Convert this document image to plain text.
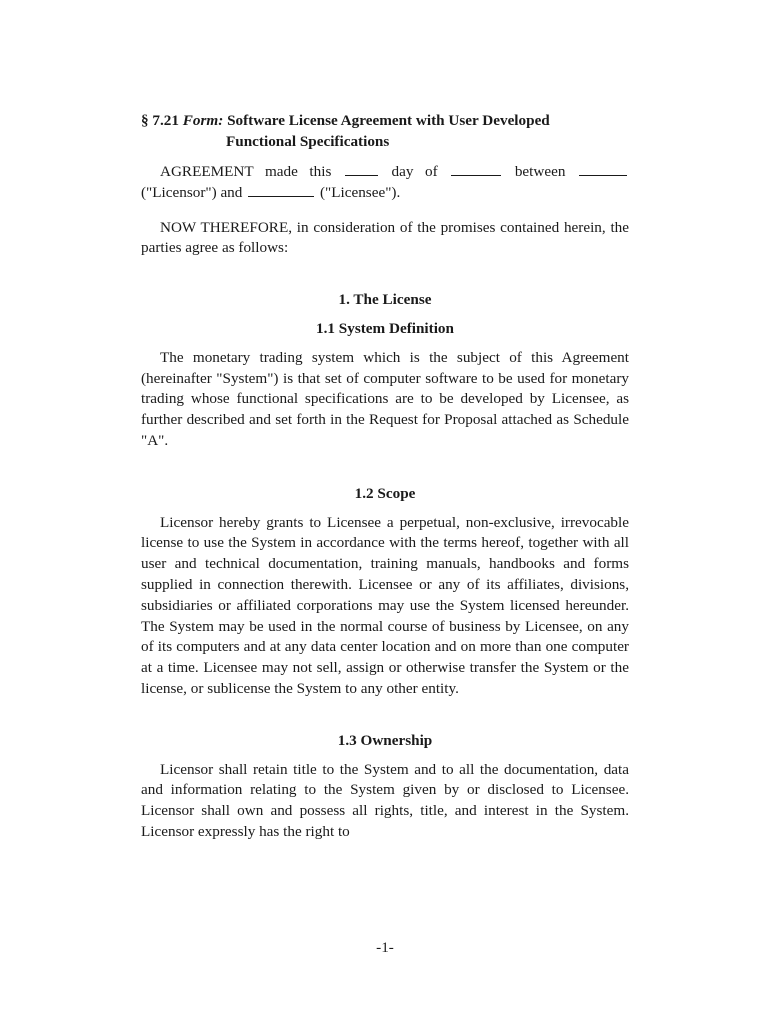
§ 7.21 Form: Software License Agreement with User Developed
Functional Specifications

AGREEMENT made this	day of	between  ("Licensor") and	("Licensee").

NOW THEREFORE, in consideration of the promises contained herein, the parties agree as follows:

1. The License
1.1 System Definition

The monetary trading system which is the subject of this Agreement (hereinafter "System") is that set of computer software to be used for monetary trading whose functional specifications are to be developed by Licensee, as further described and set forth in the Request for Proposal attached as Schedule "A".

1.2 Scope

Licensor hereby grants to Licensee a perpetual, non-exclusive, irrevocable license to use the System in accordance with the terms hereof, together with all user and technical documentation, training manuals, handbooks and forms supplied in connection therewith. Licensee or any of its affiliates, divisions, subsidiaries or affiliated corporations may use the System licensed hereunder. The System may be used in the normal course of business by Licensee, on any of its computers and at any data center location and on more than one computer at a time. Licensee may not sell, assign or otherwise transfer the System or the license, or sublicense the System to any other entity.

1.3 Ownership

Licensor shall retain title to the System and to all the documentation, data and information relating to the System given by or disclosed to Licensee. Licensor shall own and possess all rights, title, and interest in the System. Licensor expressly has the right to

-1-
